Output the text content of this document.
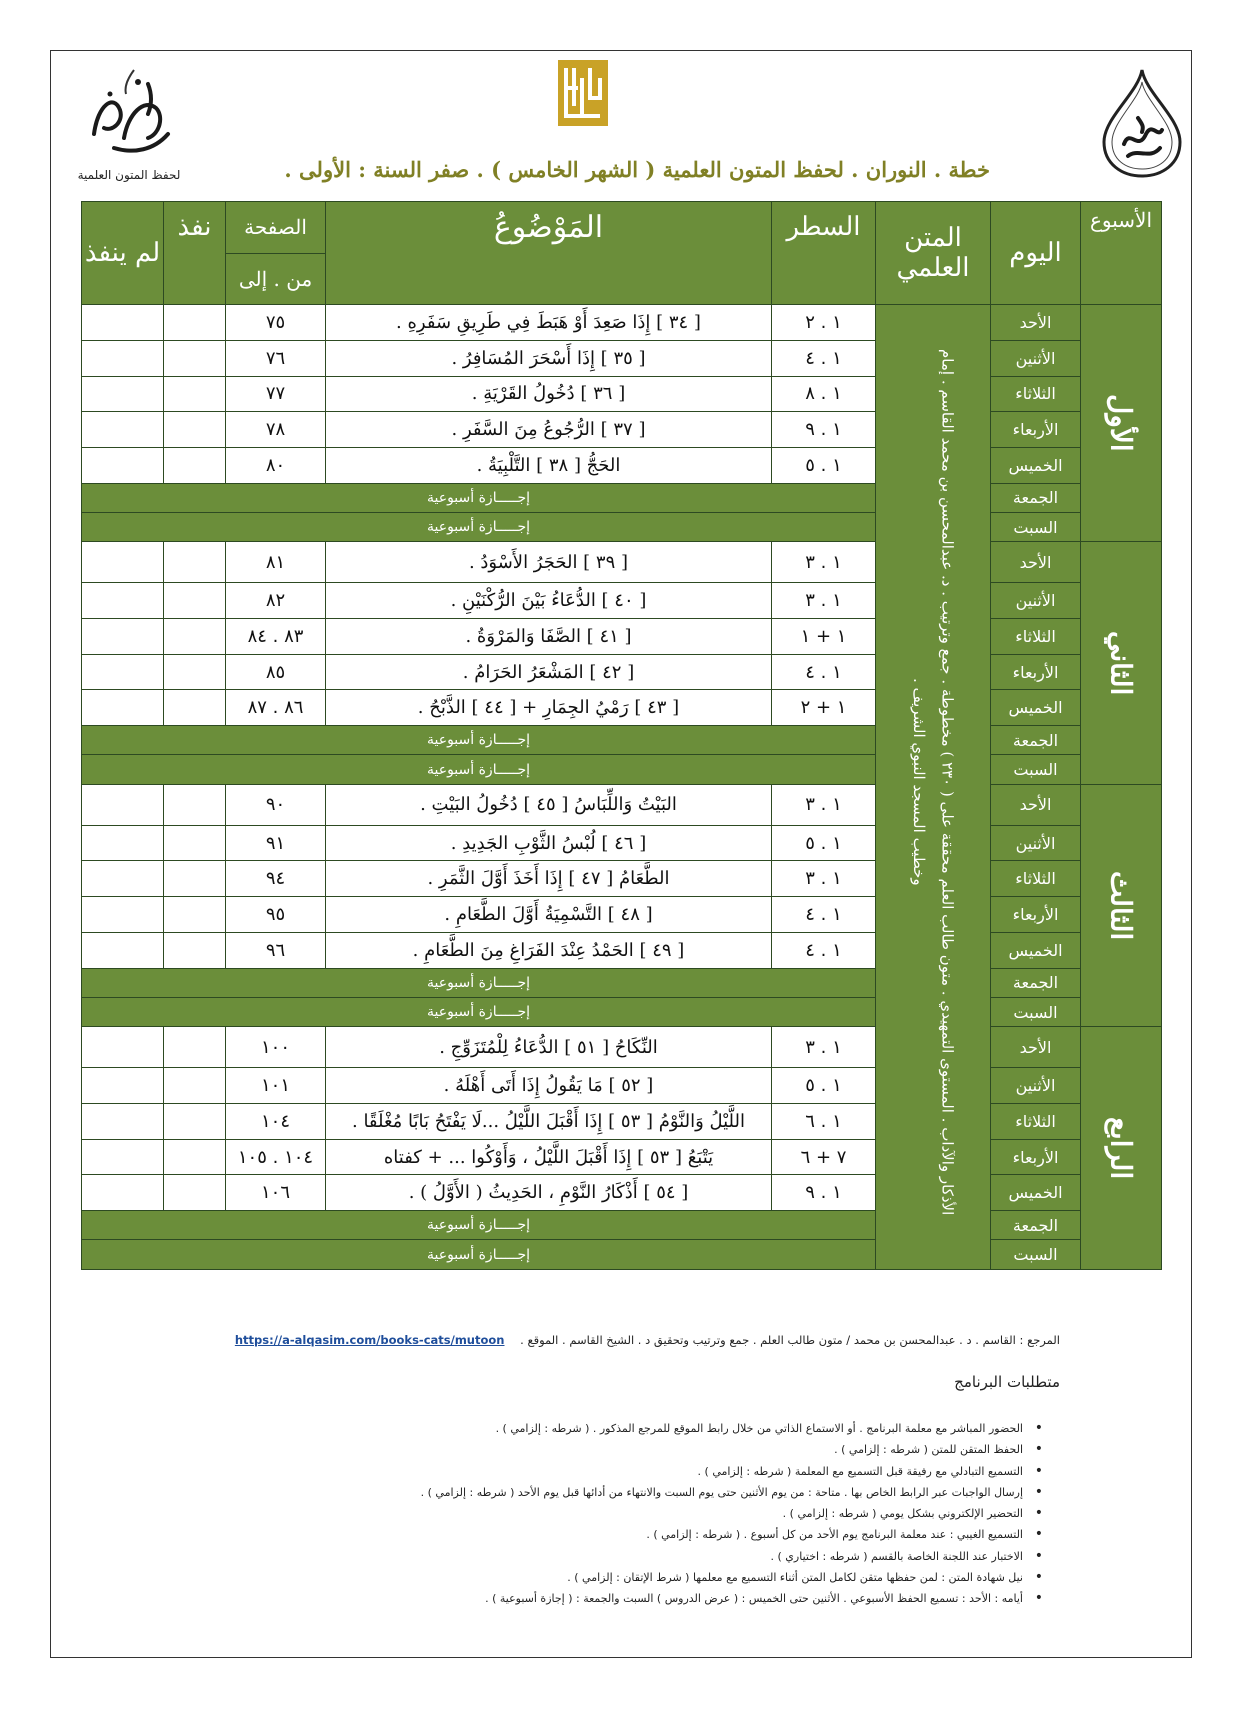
لحفظ المتون العلمية	خطة . النوران . لحفظ المتون العلمية ( الشهر الخامس ) . صفر السنة : الأولى .
الأسبوع	اليوم	المتن العلمي	السطر	المَوْضُوعُ	الصفحة
من . إلى	نفذ	لم ينفذ
الأول	الأحد	الأذكار والآداب . المستوى التمهيدي . متون طالب العلم محققة على ( ٢٣٠ ) مخطوطة . جمع وترتيب . د. عبدالمحسن بن محمد القاسم . إمام وخطيب المسجد النبوي الشريف .	١ . ٢	[ ٣٤ ] إِذَا صَعِدَ أَوْ هَبَطَ فِي طَرِيقِ سَفَرِهِ .	٧٥		
	الأثنين		١ . ٤	[ ٣٥ ] إِذَا أَسْحَرَ المُسَافِرُ .	٧٦		
	الثلاثاء		١ . ٨	[ ٣٦ ] دُخُولُ القَرْيَةِ .	٧٧		
	الأربعاء		١ . ٩	[ ٣٧ ] الرُّجُوعُ مِنَ السَّفَرِ .	٧٨		
	الخميس		١ . ٥	الحَجُّ [ ٣٨ ] التَّلْبِيَةُ .	٨٠		
	الجمعة		إجـــــازة أسبوعية				
	السبت		إجـــــازة أسبوعية				
الثاني	الأحد		١ . ٣	[ ٣٩ ] الحَجَرُ الأَسْوَدُ .	٨١		
	الأثنين		١ . ٣	[ ٤٠ ] الدُّعَاءُ بَيْنَ الرُّكْنَيْنِ .	٨٢		
	الثلاثاء		١ + ١	[ ٤١ ] الصَّفَا وَالمَرْوَةُ .	٨٣ . ٨٤		
	الأربعاء		١ . ٤	[ ٤٢ ] المَشْعَرُ الحَرَامُ .	٨٥		
	الخميس		١ + ٢	[ ٤٣ ] رَمْيُ الجِمَارِ + [ ٤٤ ] الذَّبْحُ .	٨٦ . ٨٧		
	الجمعة		إجـــــازة أسبوعية				
	السبت		إجـــــازة أسبوعية				
الثالث	الأحد		١ . ٣	البَيْتُ وَاللِّبَاسُ [ ٤٥ ] دُخُولُ البَيْتِ .	٩٠		
	الأثنين		١ . ٥	[ ٤٦ ] لُبْسُ الثَّوْبِ الجَدِيدِ .	٩١		
	الثلاثاء		١ . ٣	الطَّعَامُ [ ٤٧ ] إِذَا أَخَذَ أَوَّلَ الثَّمَرِ .	٩٤		
	الأربعاء		١ . ٤	[ ٤٨ ] التَّسْمِيَةُ أَوَّلَ الطَّعَامِ .	٩٥		
	الخميس		١ . ٤	[ ٤٩ ] الحَمْدُ عِنْدَ الفَرَاغِ مِنَ الطَّعَامِ .	٩٦		
	الجمعة		إجـــــازة أسبوعية				
	السبت		إجـــــازة أسبوعية				
الرابع	الأحد		١ . ٣	النِّكَاحُ [ ٥١ ] الدُّعَاءُ لِلْمُتَزَوِّجِ .	١٠٠		
	الأثنين		١ . ٥	[ ٥٢ ] مَا يَقُولُ إِذَا أَتَى أَهْلَهُ .	١٠١		
	الثلاثاء		١ . ٦	اللَّيْلُ وَالنَّوْمُ [ ٥٣ ] إِذَا أَقْبَلَ اللَّيْلُ ...لَا يَفْتَحُ بَابًا مُغْلَقًا .	١٠٤		
	الأربعاء		٧ + ٦	يَتْبَعُ [ ٥٣ ] إِذَا أَقْبَلَ اللَّيْلُ ، وَأَوْكُوا ... + كفتاه	١٠٤ . ١٠٥		
	الخميس		١ . ٩	[ ٥٤ ] أَذْكَارُ النَّوْمِ ، الحَدِيثُ ( الأَوَّلُ ) .	١٠٦		
	الجمعة		إجـــــازة أسبوعية				
	السبت		إجـــــازة أسبوعية				
المرجع : القاسم . د . عبدالمحسن بن محمد / متون طالب العلم . جمع وترتيب وتحقيق د . الشيخ القاسم . الموقع . https://a-alqasim.com/books-cats/mutoon
متطلبات البرنامج
• الحضور المباشر مع معلمة البرنامج . أو الاستماع الذاتي من خلال رابط الموقع للمرجع المذكور . ( شرطه : إلزامي ) .
• الحفظ المتقن للمتن ( شرطه : إلزامي ) .
• التسميع التبادلي مع رفيقة قبل التسميع مع المعلمة ( شرطه : إلزامي ) .
• إرسال الواجبات عبر الرابط الخاص بها . متاحة : من يوم الأثنين حتى يوم السبت والانتهاء من أدائها قبل يوم الأحد ( شرطه : إلزامي ) .
• التحضير الإلكتروني بشكل يومي ( شرطه : إلزامي ) .
• التسميع الغيبي : عند معلمة البرنامج يوم الأحد من كل أسبوع . ( شرطه : إلزامي ) .
• الاختبار عند اللجنة الخاصة بالقسم ( شرطه : اختياري ) .
• نيل شهادة المتن : لمن حفظها متقن لكامل المتن أثناء التسميع مع معلمها ( شرط الإتقان : إلزامي ) .
• أيامه : الأحد : تسميع الحفظ الأسبوعي . الأثنين حتى الخميس : ( عرض الدروس ) السبت والجمعة : ( إجازة أسبوعية ) .
